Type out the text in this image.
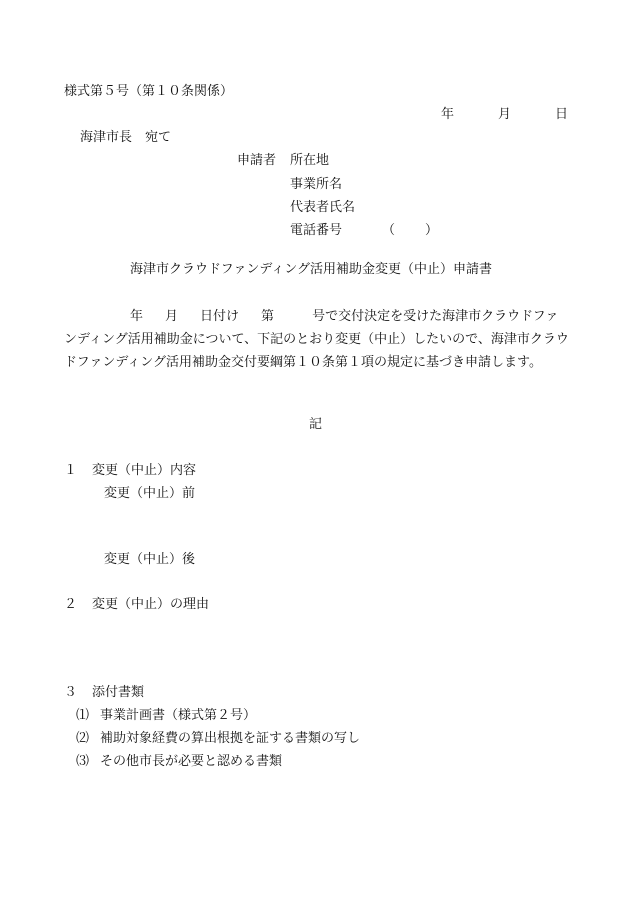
様式第５号（第１０条関係）
年	月	日
海津市長　宛て
申請者 所在地
事業所名
代表者氏名
電話番号	（ ）
海津市クラウドファンディング活用補助金変更（中止）申請書
年 月 日付け 第	号で交付決定を受けた海津市クラウドファンディング活用補助金について、下記のとおり変更（中止）したいので、海津市クラウドファンディング活用補助金交付要綱第１０条第１項の規定に基づき申請します。
記
１ 変更（中止）内容
変更（中止）前
変更（中止）後
２ 変更（中止）の理由
３ 添付書類
⑴ 事業計画書（様式第２号）
⑵ 補助対象経費の算出根拠を証する書類の写し
⑶ その他市長が必要と認める書類
